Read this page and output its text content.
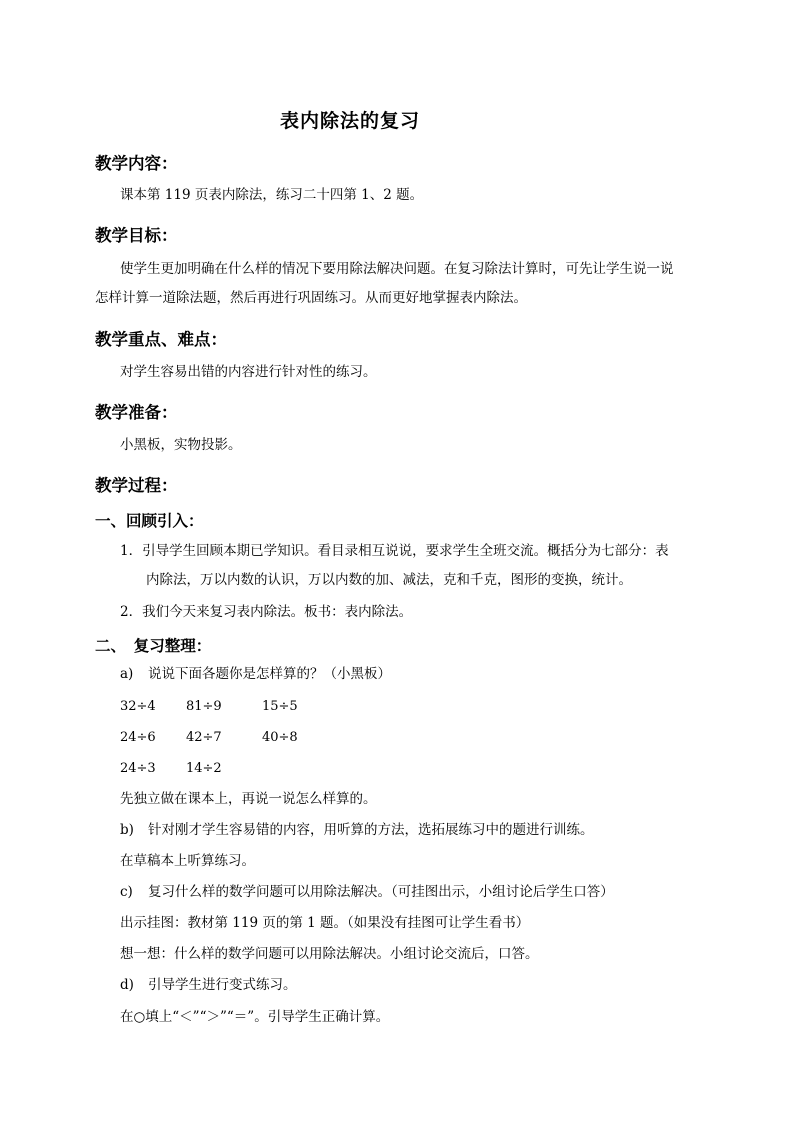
表内除法的复习
教学内容：
课本第 119 页表内除法，练习二十四第 1、2 题。
教学目标：
使学生更加明确在什么样的情况下要用除法解决问题。在复习除法计算时，可先让学生说一说
怎样计算一道除法题，然后再进行巩固练习。从而更好地掌握表内除法。
教学重点、难点：
对学生容易出错的内容进行针对性的练习。
教学准备：
小黑板，实物投影。
教学过程：
一、回顾引入：
1．引导学生回顾本期已学知识。看目录相互说说，要求学生全班交流。概括分为七部分：表
内除法，万以内数的认识，万以内数的加、减法，克和千克，图形的变换，统计。
2．我们今天来复习表内除法。板书：表内除法。
二、　复习整理：
a) 说说下面各题你是怎样算的？（小黑板）
32÷4 81÷9	15÷5
24÷6 42÷7	40÷8
24÷3 14÷2
先独立做在课本上，再说一说怎么样算的。
b) 针对刚才学生容易错的内容，用听算的方法，选拓展练习中的题进行训练。
在草稿本上听算练习。
c) 复习什么样的数学问题可以用除法解决。（可挂图出示，小组讨论后学生口答）
出示挂图：教材第 119 页的第 1 题。（如果没有挂图可让学生看书）
想一想：什么样的数学问题可以用除法解决。小组讨论交流后，口答。
d) 引导学生进行变式练习。
在○填上“＜”“＞”“＝”。引导学生正确计算。
